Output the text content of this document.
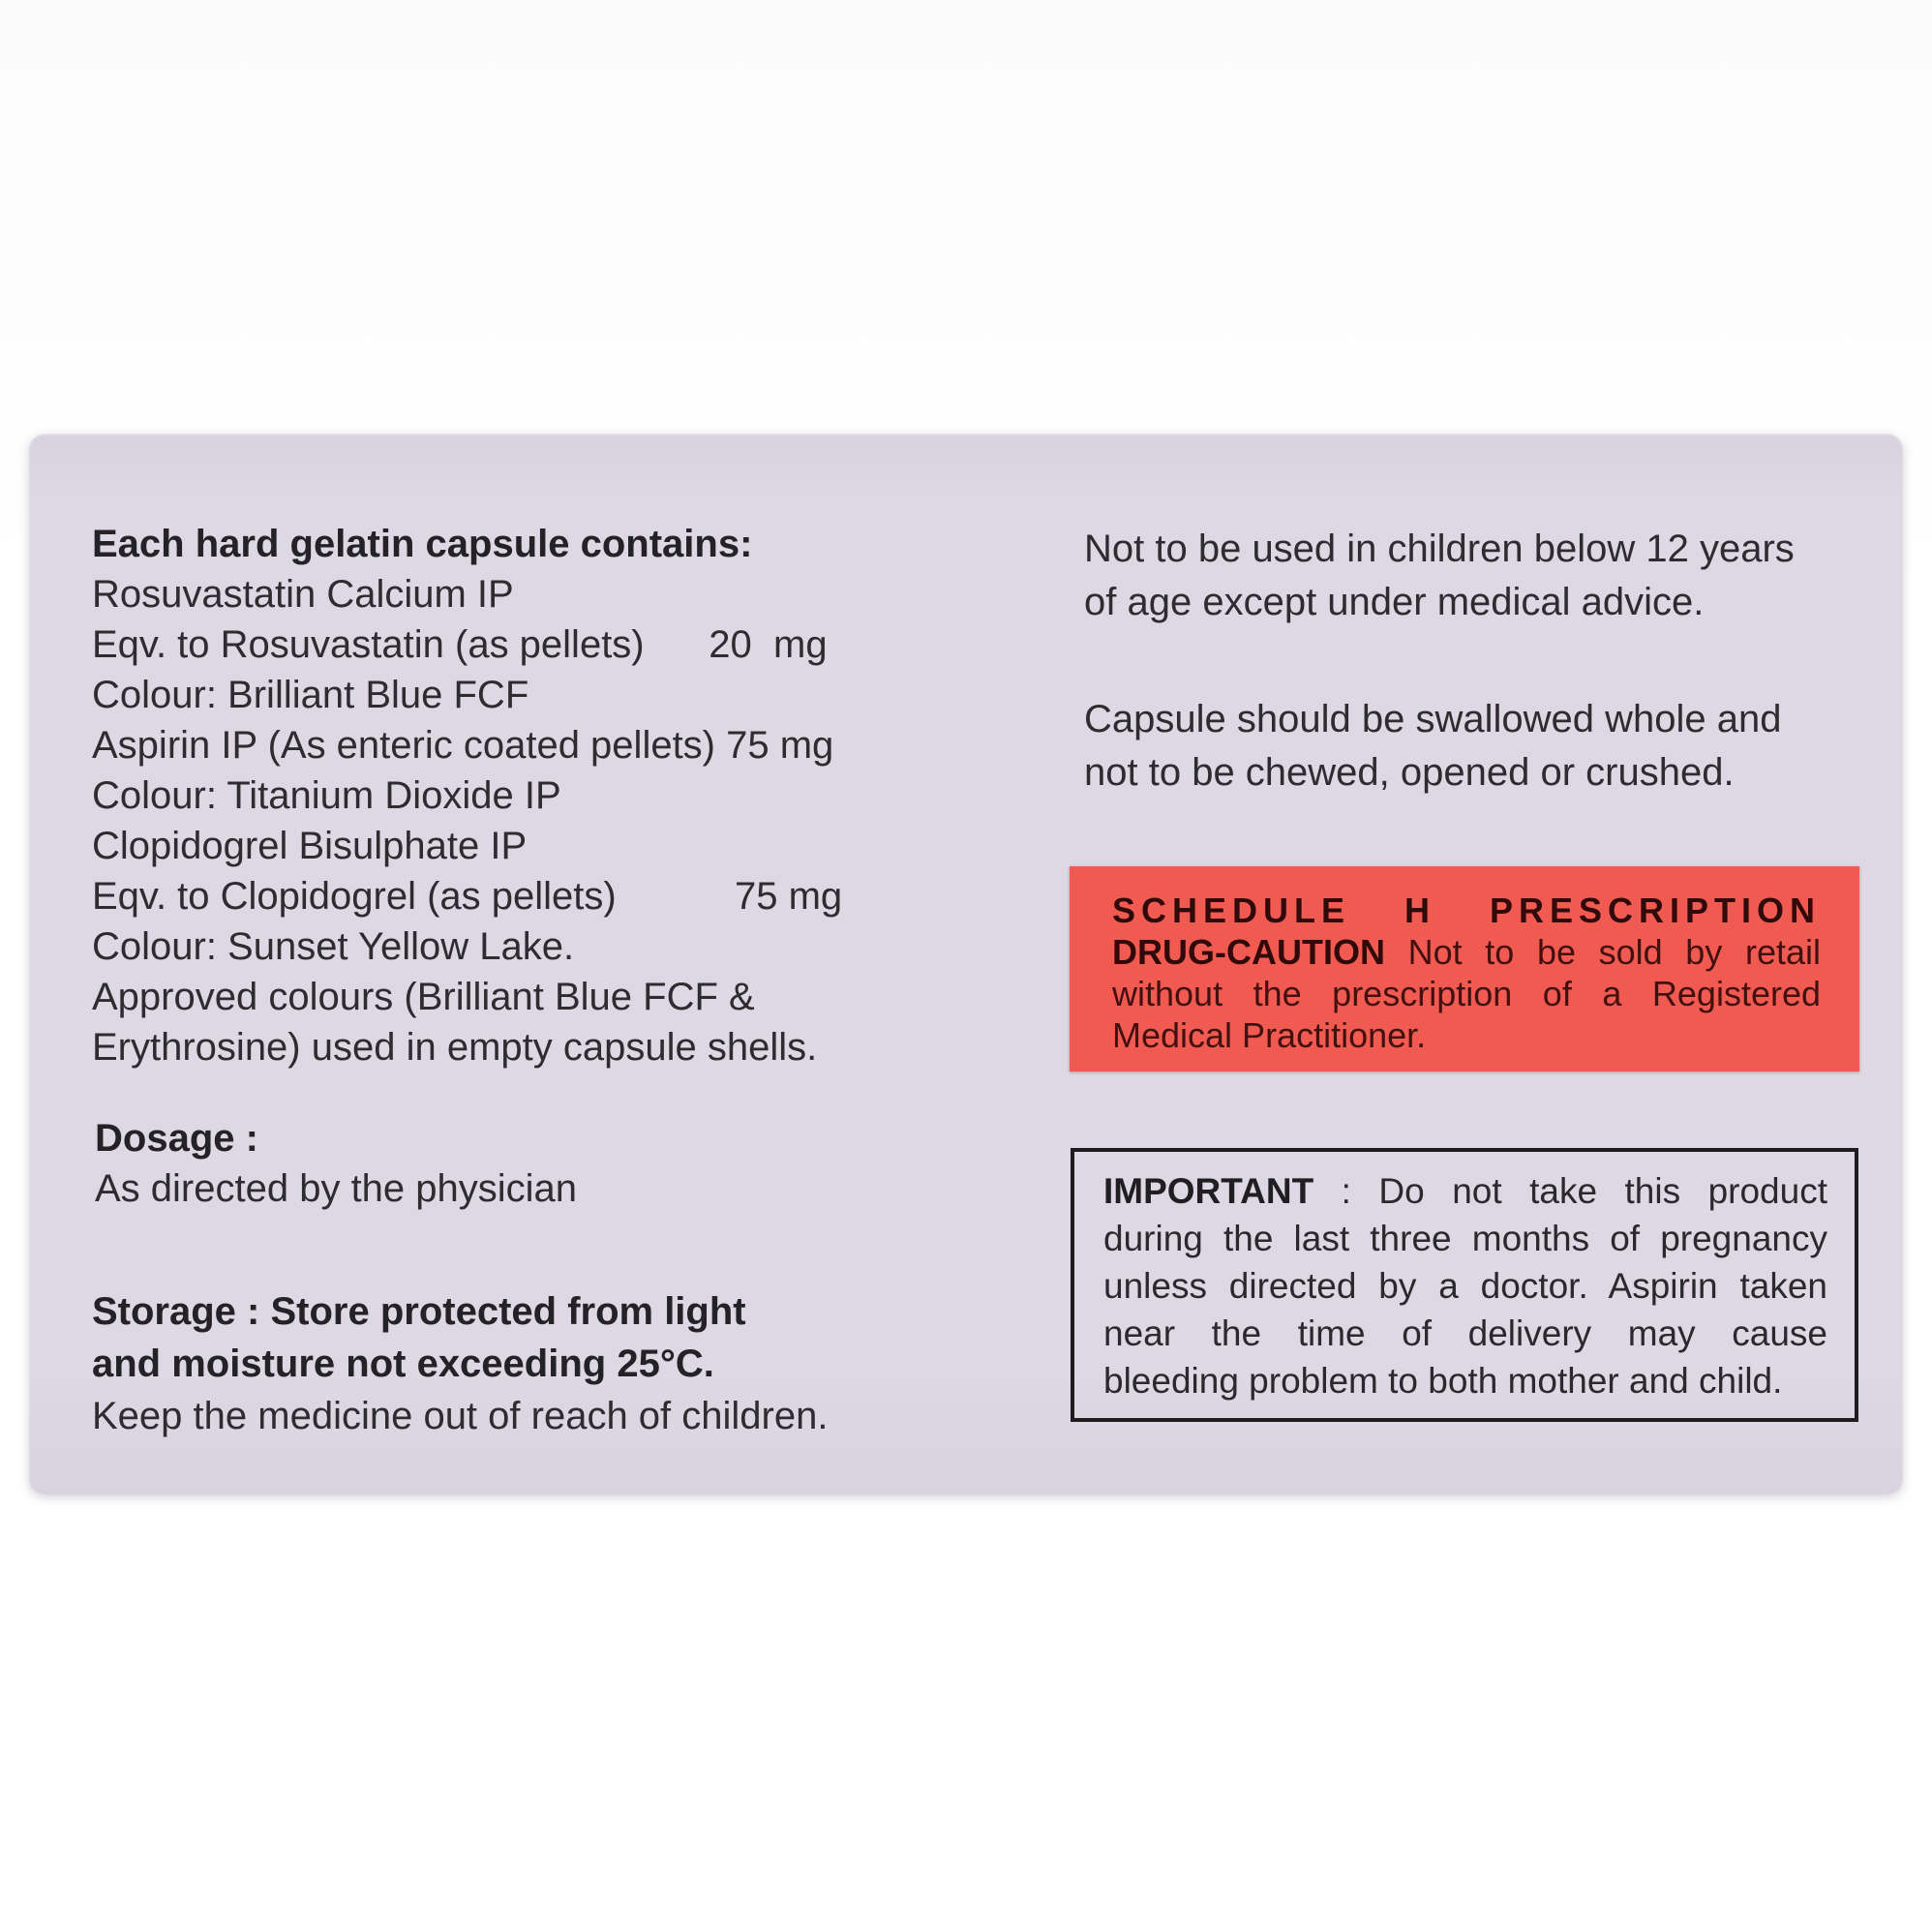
Each hard gelatin capsule contains:
Rosuvastatin Calcium IP
Eqv. to Rosuvastatin (as pellets)      20  mg
Colour: Brilliant Blue FCF
Aspirin IP (As enteric coated pellets) 75 mg
Colour: Titanium Dioxide IP
Clopidogrel Bisulphate IP
Eqv. to Clopidogrel (as pellets)           75 mg
Colour: Sunset Yellow Lake.
Approved colours (Brilliant Blue FCF &
Erythrosine) used in empty capsule shells.
Dosage :
As directed by the physician
Storage : Store protected from light
and moisture not exceeding 25°C.
Keep the medicine out of reach of children.
Not to be used in children below 12 years
of age except under medical advice.
Capsule should be swallowed whole and
not to be chewed, opened or crushed.
SCHEDULE H PRESCRIPTION
DRUG-CAUTION Not to be sold by retail
without the prescription of a Registered
Medical Practitioner.
IMPORTANT : Do not take this product
during the last three months of pregnancy
unless directed by a doctor. Aspirin taken
near the time of delivery may cause
bleeding problem to both mother and child.
